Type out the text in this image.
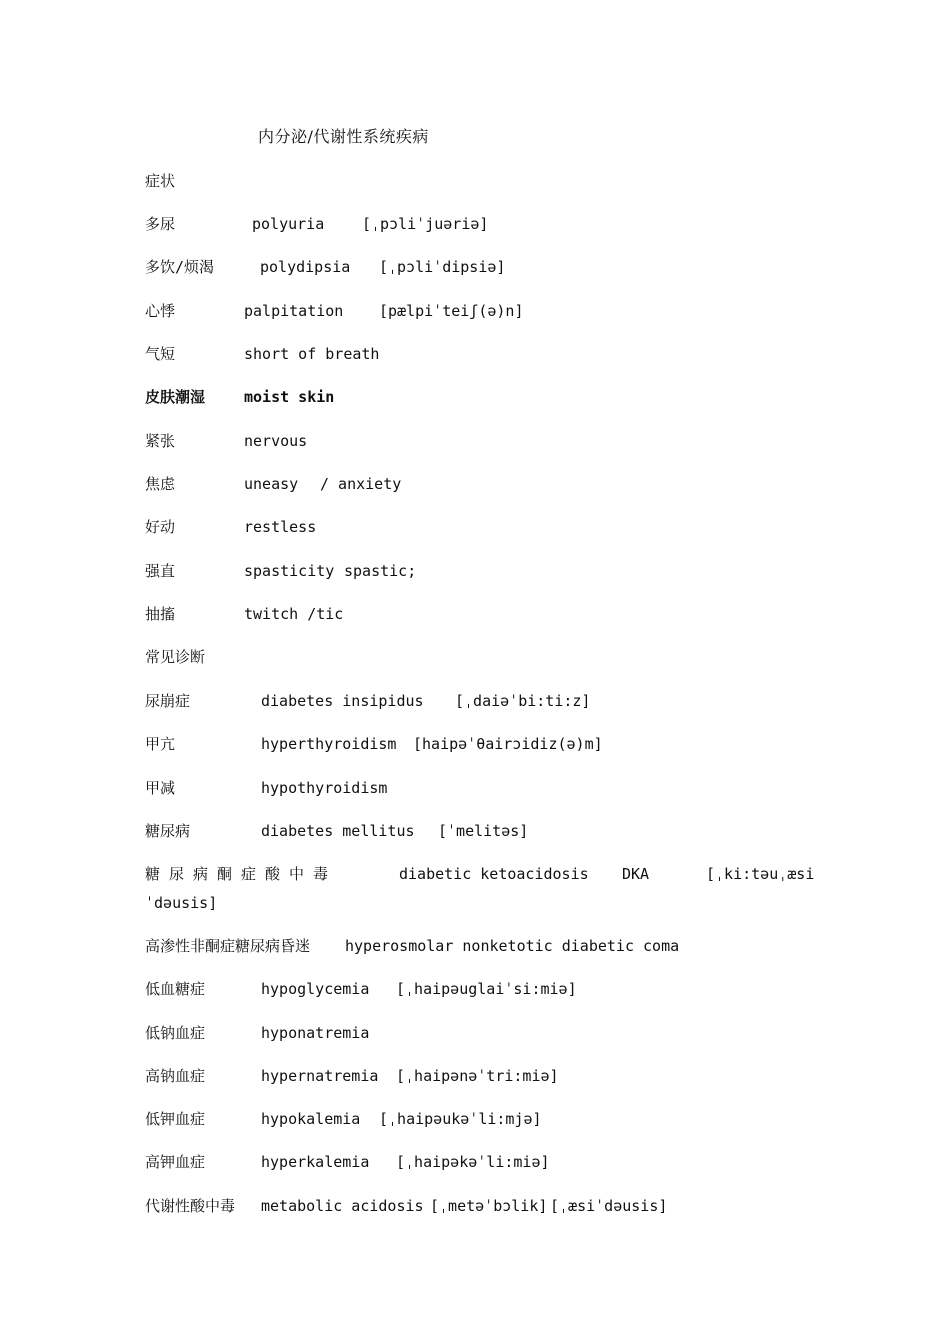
内分泌/代谢性系统疾病
症状
多尿	polyuria	[ˌpɔliˈjuəriə]
多饮/烦渴	polydipsia [ˌpɔliˈdipsiə]
心悸	palpitation [pælpiˈteiʃ(ə)n]
气短	short of breath
皮肤潮湿	moist skin
紧张	nervous
焦虑	uneasy / anxiety
好动	restless
强直	spasticity spastic;
抽搐	twitch /tic
常见诊断
尿崩症	diabetes insipidus [ˌdaiəˈbi:ti:z]
甲亢	hyperthyroidism [haipəˈθairɔidiz(ə)m]
甲减	hypothyroidism
糖尿病	diabetes mellitus [ˈmelitəs]
糖尿病酮症酸中毒	diabetic ketoacidosis DKA	[ˌki:təuˌæsi
ˈdəusis]
高渗性非酮症糖尿病昏迷 hyperosmolar nonketotic diabetic coma
低血糖症	hypoglycemia [ˌhaipəuglaiˈsi:miə]
低钠血症	hyponatremia
高钠血症	hypernatremia [ˌhaipənəˈtri:miə]
低钾血症	hypokalemia [ˌhaipəukəˈli:mjə]
高钾血症	hyperkalemia [ˌhaipəkəˈli:miə]
代谢性酸中毒 metabolic acidosis [ˌmetəˈbɔlik] [ˌæsiˈdəusis]
